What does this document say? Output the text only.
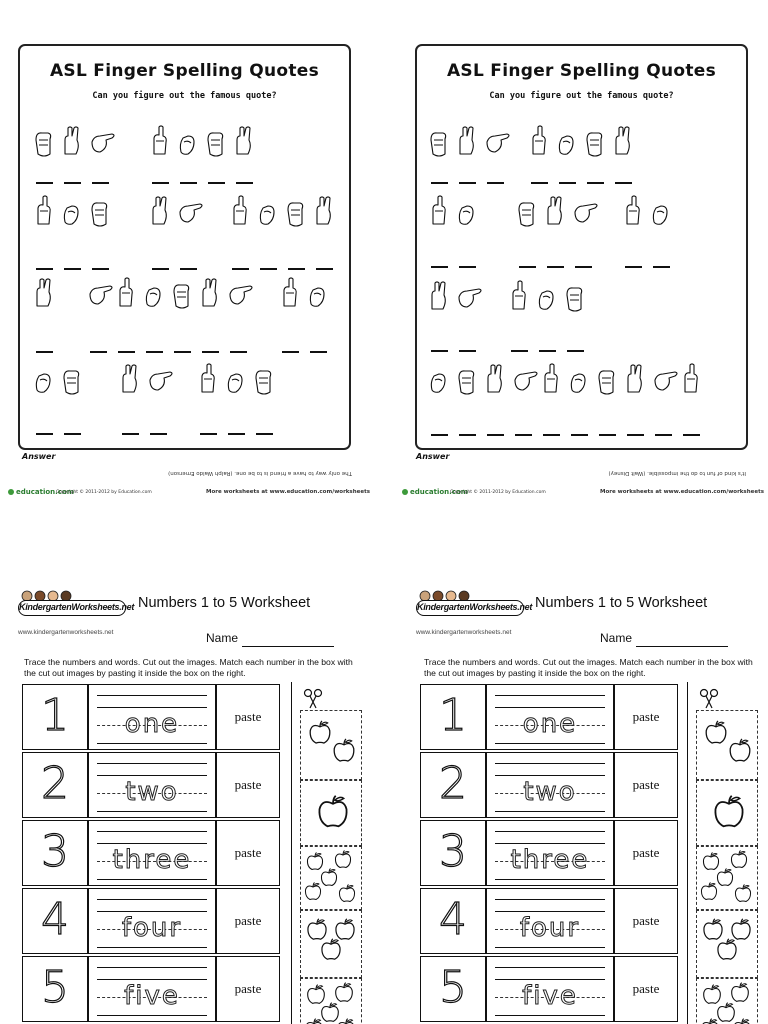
ASL Finger Spelling Quotes
Can you figure out the famous quote?
Answer
The only way to have a friend is to be one. (Ralph Waldo Emerson)
education.com
Copyright © 2011-2012 by Education.com	More worksheets at www.education.com/worksheets
ASL Finger Spelling Quotes
Can you figure out the famous quote?
Answer
It's kind of fun to do the impossible. (Walt Disney)
education.com
Copyright © 2011-2012 by Education.com	More worksheets at www.education.com/worksheets
KindergartenWorksheets.net
www.kindergartenworksheets.net
Numbers 1 to 5 Worksheet
Name
Trace the numbers and words. Cut out the images. Match each number in the box with the cut out images by pasting it inside the box on the right.
1	one	paste
2	two	paste
3	three	paste
4	four	paste
5	five	paste
KindergartenWorksheets.net
www.kindergartenworksheets.net
Numbers 1 to 5 Worksheet
Name
Trace the numbers and words. Cut out the images. Match each number in the box with the cut out images by pasting it inside the box on the right.
1	one	paste
2	two	paste
3	three	paste
4	four	paste
5	five	paste
